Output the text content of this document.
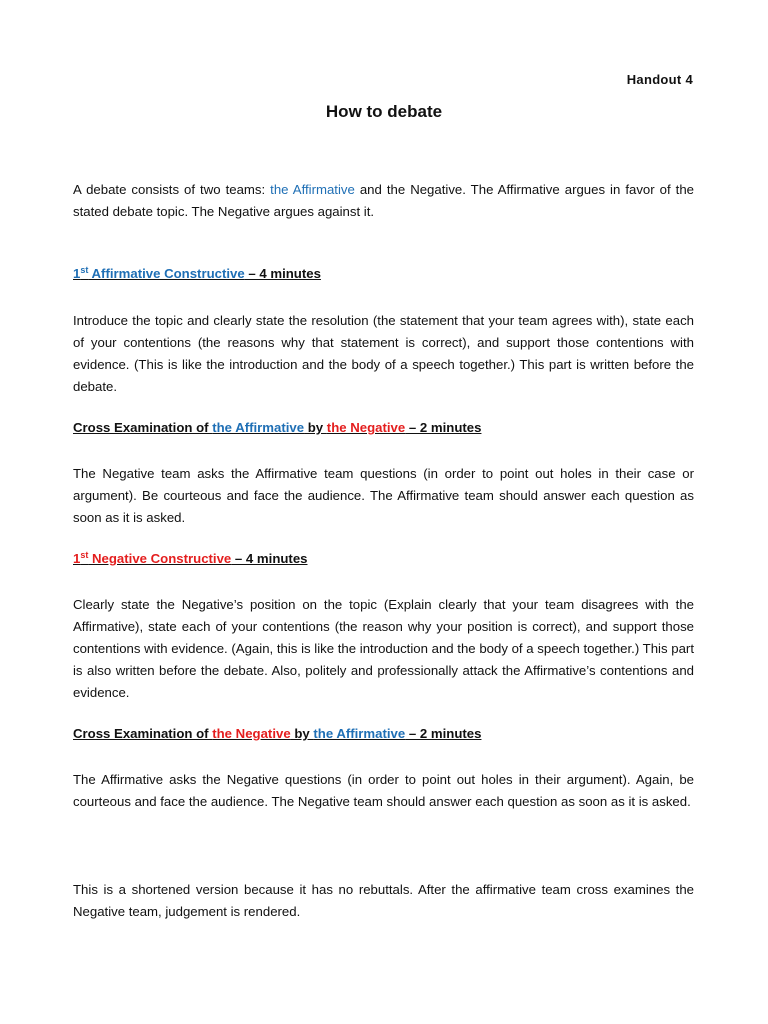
Handout 4
How to debate

A debate consists of two teams: the Affirmative and the Negative. The Affirmative argues in favor of the stated debate topic. The Negative argues against it.

1st Affirmative Constructive – 4 minutes

Introduce the topic and clearly state the resolution (the statement that your team agrees with), state each of your contentions (the reasons why that statement is correct), and support those contentions with evidence. (This is like the introduction and the body of a speech together.) This part is written before the debate.

Cross Examination of the Affirmative by the Negative – 2 minutes

The Negative team asks the Affirmative team questions (in order to point out holes in their case or argument). Be courteous and face the audience. The Affirmative team should answer each question as soon as it is asked.

1st Negative Constructive – 4 minutes

Clearly state the Negative’s position on the topic (Explain clearly that your team disagrees with the Affirmative), state each of your contentions (the reason why your position is correct), and support those contentions with evidence. (Again, this is like the introduction and the body of a speech together.) This part is also written before the debate. Also, politely and professionally attack the Affirmative’s contentions and evidence.

Cross Examination of the Negative by the Affirmative – 2 minutes

The Affirmative asks the Negative questions (in order to point out holes in their argument). Again, be courteous and face the audience. The Negative team should answer each question as soon as it is asked.

This is a shortened version because it has no rebuttals. After the affirmative team cross examines the Negative team, judgement is rendered.
